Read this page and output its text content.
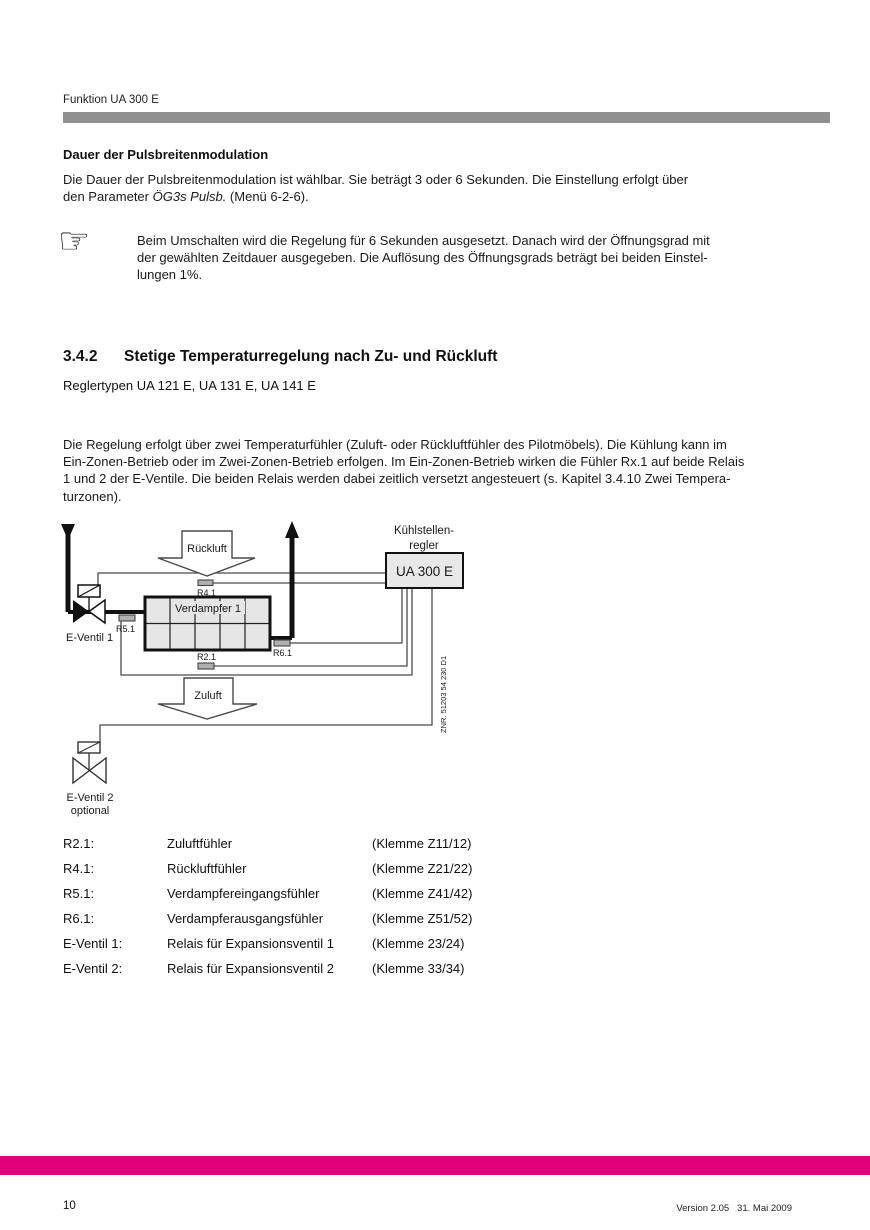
Funktion UA 300 E
Dauer der Pulsbreitenmodulation
Die Dauer der Pulsbreitenmodulation ist wählbar. Sie beträgt 3 oder 6 Sekunden. Die Einstellung erfolgt über
den Parameter ÖG3s Pulsb. (Menü 6-2-6).
☞	Beim Umschalten wird die Regelung für 6 Sekunden ausgesetzt. Danach wird der Öffnungsgrad mit
der gewählten Zeitdauer ausgegeben. Die Auflösung des Öffnungsgrads beträgt bei beiden Einstel-
lungen 1%.
3.4.2 Stetige Temperaturregelung nach Zu- und Rückluft
Reglertypen UA 121 E, UA 131 E, UA 141 E
Die Regelung erfolgt über zwei Temperaturfühler (Zuluft- oder Rückluftfühler des Pilotmöbels). Die Kühlung kann im
Ein-Zonen-Betrieb oder im Zwei-Zonen-Betrieb erfolgen. Im Ein-Zonen-Betrieb wirken die Fühler Rx.1 auf beide Relais
1 und 2 der E-Ventile. Die beiden Relais werden dabei zeitlich versetzt angesteuert (s. Kapitel 3.4.10 Zwei Tempera-
turzonen).
Rückluft
Zuluft
Verdampfer 1
E-Ventil 1
R4.1
R5.1
R6.1
R2.1
Kühlstellen-
regler
UA 300 E
E-Ventil 2
optional
ZNR. 51203 54 230 D1
R2.1:	Zuluftfühler	(Klemme Z11/12)
R4.1:	Rückluftfühler	(Klemme Z21/22)
R5.1:	Verdampfereingangsfühler	(Klemme Z41/42)
R6.1:	Verdampferausgangsfühler	(Klemme Z51/52)
E-Ventil 1:	Relais für Expansionsventil 1	(Klemme 23/24)
E-Ventil 2:	Relais für Expansionsventil 2	(Klemme 33/34)
10	Version 2.05   31. Mai 2009
